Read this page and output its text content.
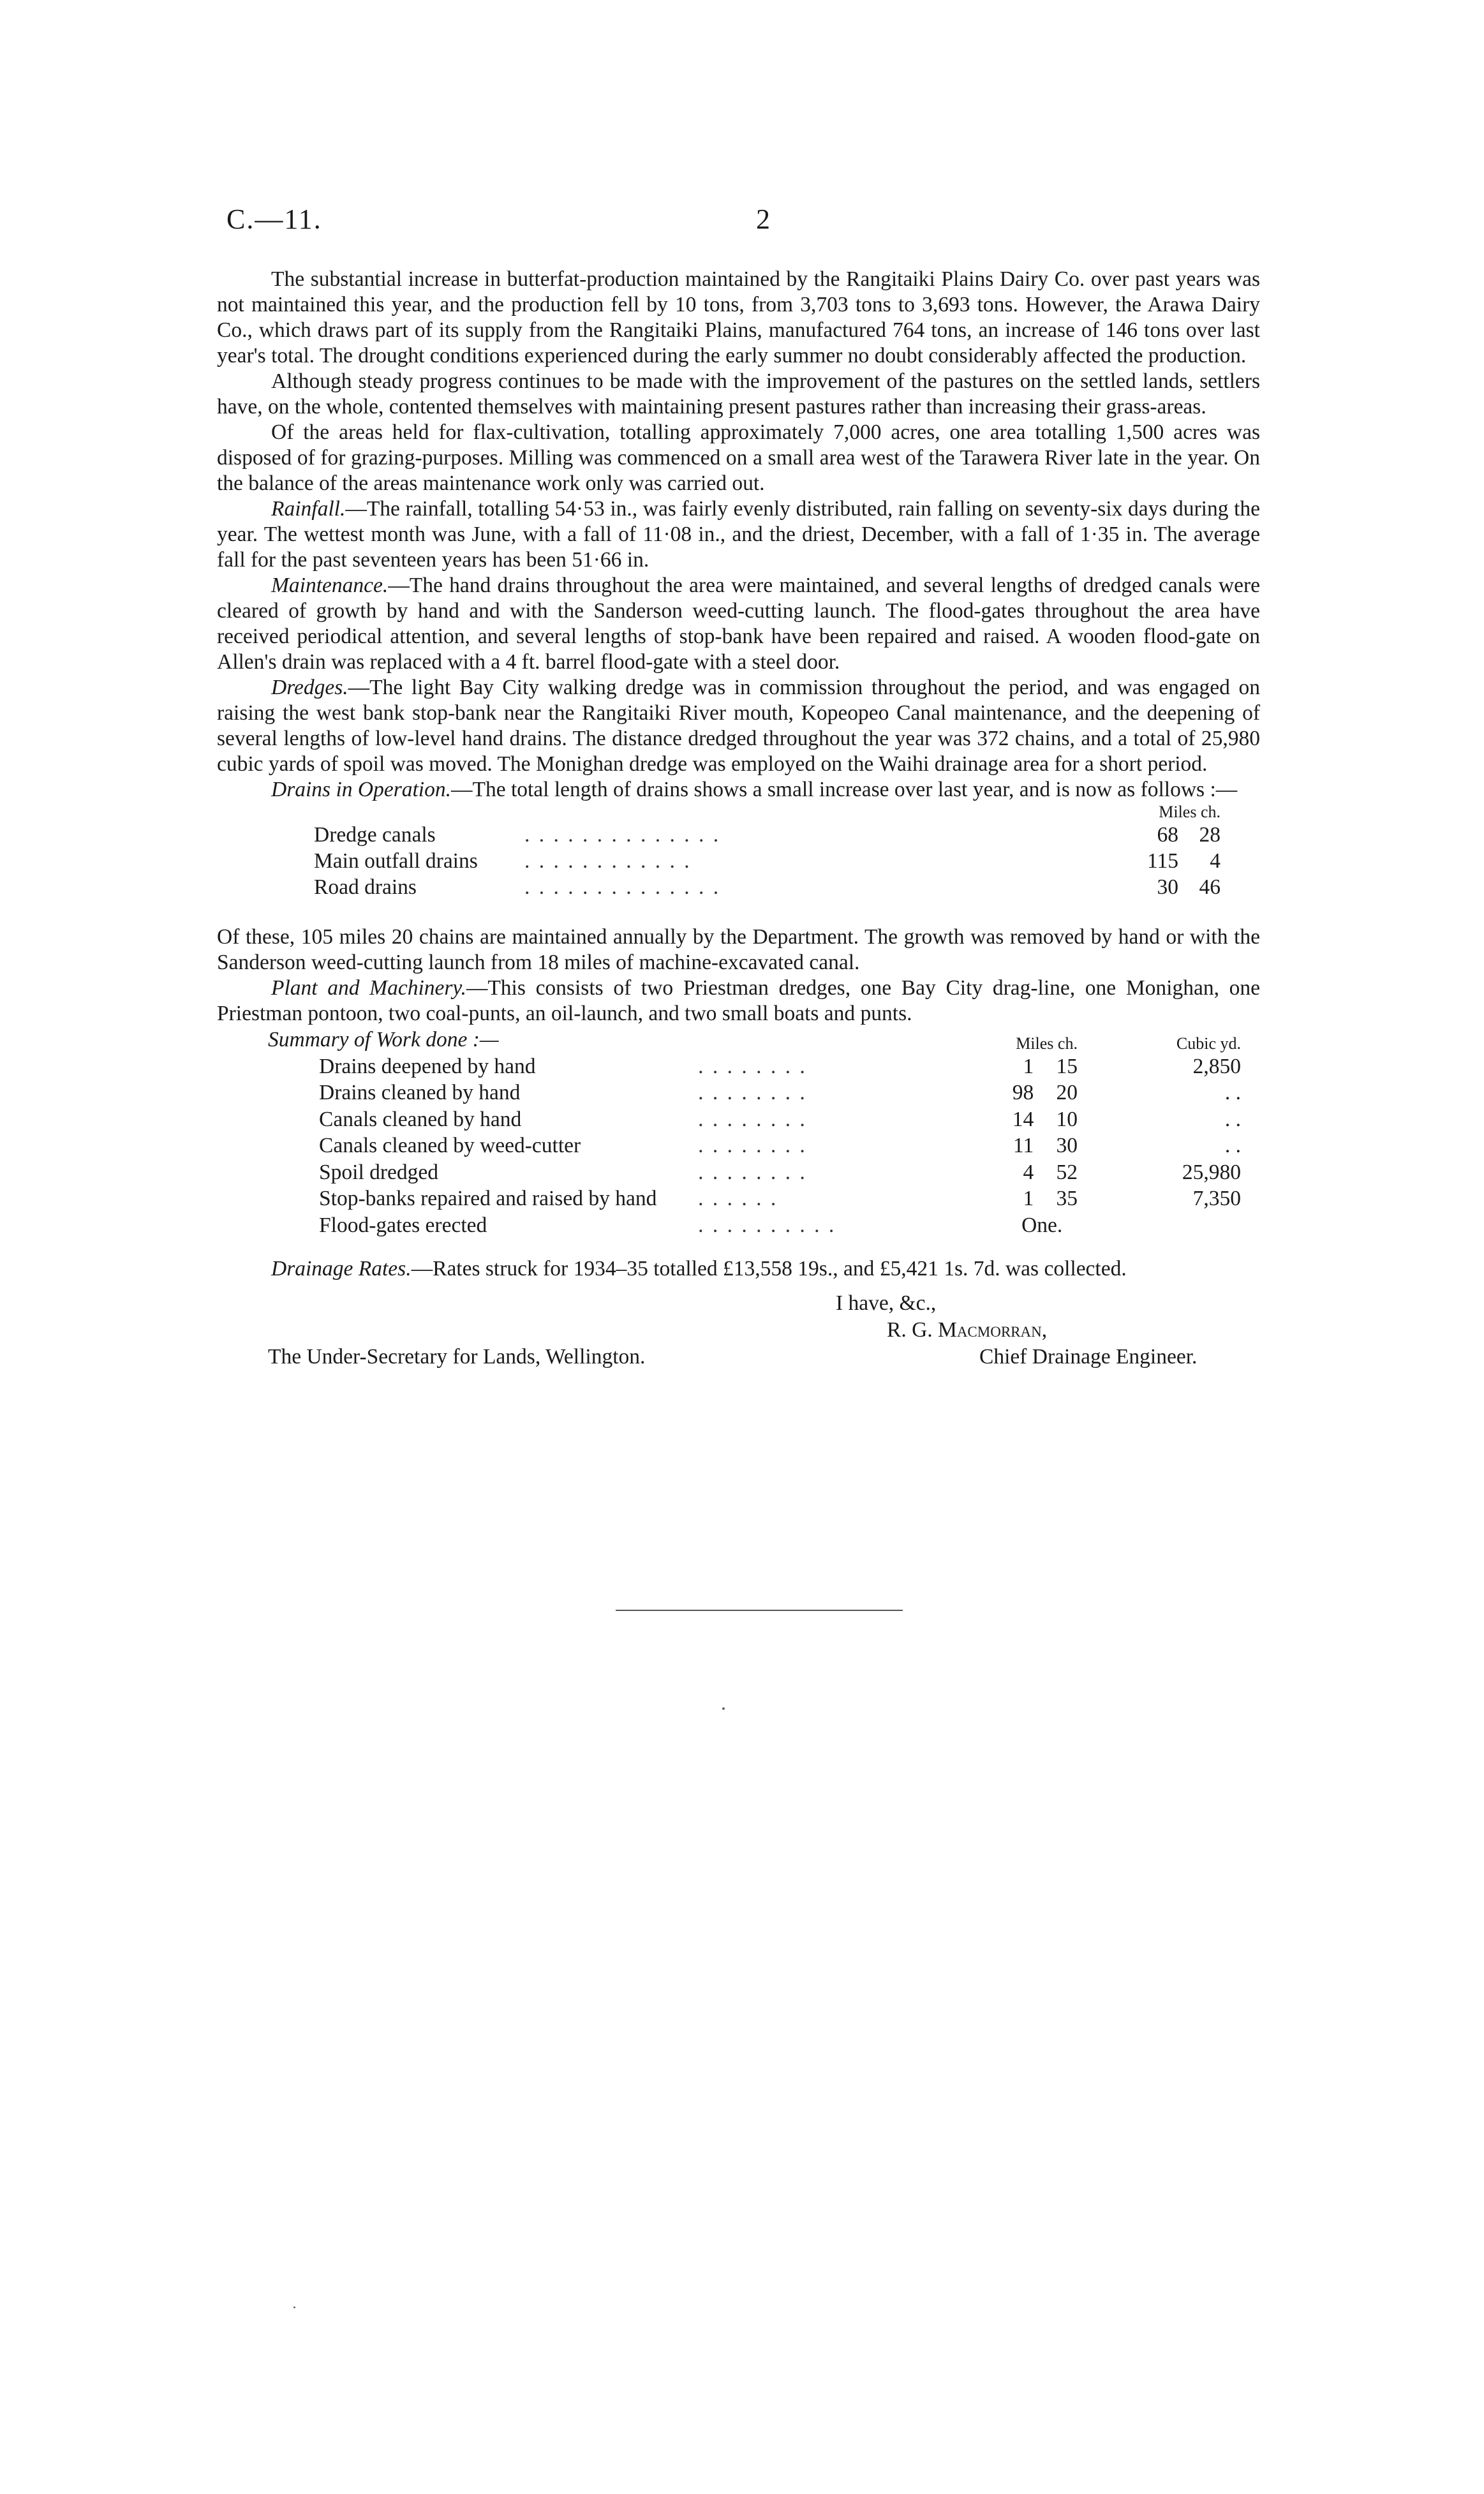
C.—11.	2

The substantial increase in butterfat-production maintained by the Rangitaiki Plains Dairy Co. over past years was not maintained this year, and the production fell by 10 tons, from 3,703 tons to 3,693 tons. However, the Arawa Dairy Co., which draws part of its supply from the Rangitaiki Plains, manufactured 764 tons, an increase of 146 tons over last year's total. The drought conditions experienced during the early summer no doubt considerably affected the production.

Although steady progress continues to be made with the improvement of the pastures on the settled lands, settlers have, on the whole, contented themselves with maintaining present pastures rather than increasing their grass-areas.

Of the areas held for flax-cultivation, totalling approximately 7,000 acres, one area totalling 1,500 acres was disposed of for grazing-purposes. Milling was commenced on a small area west of the Tarawera River late in the year. On the balance of the areas maintenance work only was carried out.

Rainfall.—The rainfall, totalling 54·53 in., was fairly evenly distributed, rain falling on seventy-six days during the year. The wettest month was June, with a fall of 11·08 in., and the driest, December, with a fall of 1·35 in. The average fall for the past seventeen years has been 51·66 in.

Maintenance.—The hand drains throughout the area were maintained, and several lengths of dredged canals were cleared of growth by hand and with the Sanderson weed-cutting launch. The flood-gates throughout the area have received periodical attention, and several lengths of stop-bank have been repaired and raised. A wooden flood-gate on Allen's drain was replaced with a 4 ft. barrel flood-gate with a steel door.

Dredges.—The light Bay City walking dredge was in commission throughout the period, and was engaged on raising the west bank stop-bank near the Rangitaiki River mouth, Kopeopeo Canal maintenance, and the deepening of several lengths of low-level hand drains. The distance dredged throughout the year was 372 chains, and a total of 25,980 cubic yards of spoil was moved. The Monighan dredge was employed on the Waihi drainage area for a short period.

Drains in Operation.—The total length of drains shows a small increase over last year, and is now as follows :—

		Miles ch.	
Dredge canals	. . . . . . . . . . . . . .	68	28
Main outfall drains	. . . . . . . . . . . .	115	4
Road drains	. . . . . . . . . . . . . .	30	46

Of these, 105 miles 20 chains are maintained annually by the Department. The growth was removed by hand or with the Sanderson weed-cutting launch from 18 miles of machine-excavated canal.

Plant and Machinery.—This consists of two Priestman dredges, one Bay City drag-line, one Monighan, one Priestman pontoon, two coal-punts, an oil-launch, and two small boats and punts.

Summary of Work done :—		Miles ch.		Cubic yd.
Drains deepened by hand	. . . . . . . .	1	15	2,850
Drains cleaned by hand	. . . . . . . .	98	20	. .
Canals cleaned by hand	. . . . . . . .	14	10	. .
Canals cleaned by weed-cutter	. . . . . . . .	11	30	. .
Spoil dredged	. . . . . . . .	4	52	25,980
Stop-banks repaired and raised by hand	. . . . . .	1	35	7,350
Flood-gates erected	. . . . . . . . . .	One.		

Drainage Rates.—Rates struck for 1934–35 totalled £13,558 19s., and £5,421 1s. 7d. was collected.

I have, &c.,
R. G. Macmorran,
The Under-Secretary for Lands, Wellington.	Chief Drainage Engineer.
